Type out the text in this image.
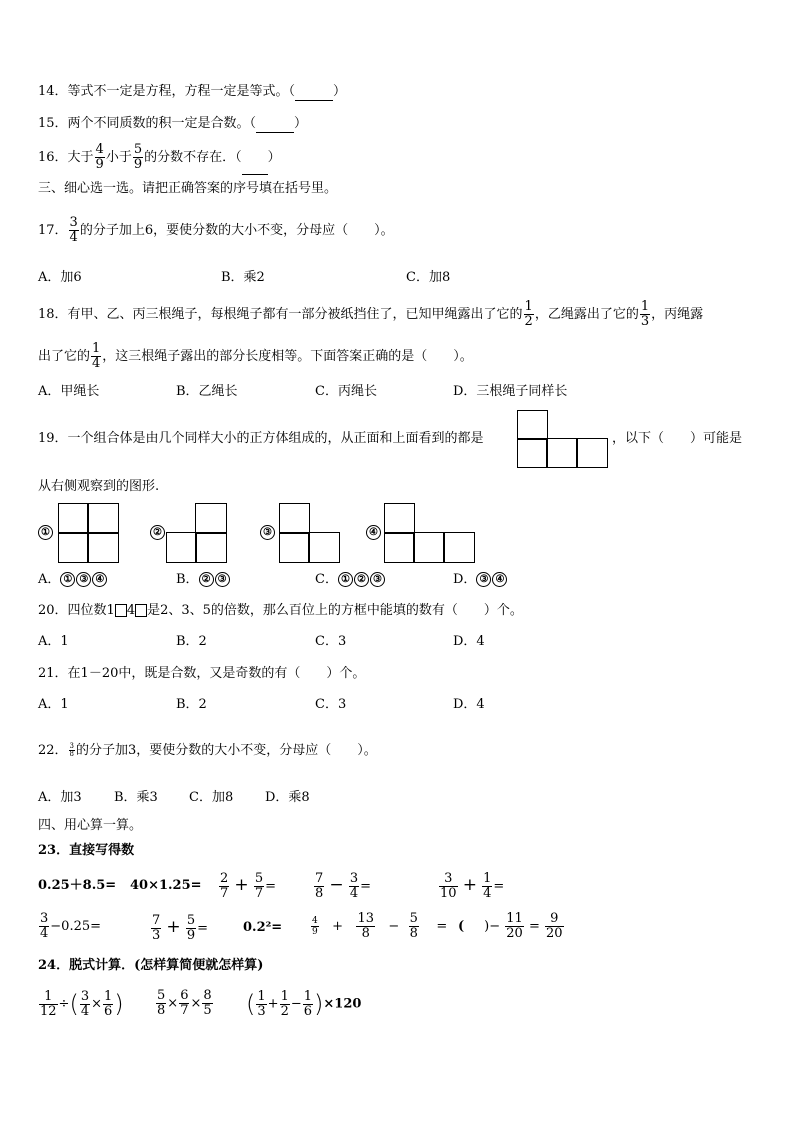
14．等式不一定是方程，方程一定是等式。（	）
15．两个不同质数的积一定是合数。（	）
16．大于 $\frac{4}{9}$ 小于 $\frac{5}{9}$ 的分数不存在．（ ）
三、细心选一选。请把正确答案的序号填在括号里。
17． $\frac{3}{4}$ 的分子加上6，要使分数的大小不变，分母应（　　）。
A．加6	B．乘2	C．加8
18．有甲、乙、丙三根绳子，每根绳子都有一部分被纸挡住了，已知甲绳露出了它的 $\frac{1}{2}$ ，乙绳露出了它的 $\frac{1}{3}$ ，丙绳露
出了它的 $\frac{1}{4}$ ，这三根绳子露出的部分长度相等。下面答案正确的是（　　）。
A．甲绳长	B．乙绳长	C．丙绳长	D．三根绳子同样长
19．一个组合体是由几个同样大小的正方体组成的，从正面和上面看到的都是	，以下（　　）可能是
从右侧观察到的图形.
①	②	③	④
A． ① ③ ④	B． ② ③	C． ① ② ③	D． ③ ④
20．四位数1 4 是2、3、5的倍数，那么百位上的方框中能填的数有（　　）个。
A．1	B．2	C．3	D．4
21．在1－20中，既是合数，又是奇数的有（　　）个。
A．1	B．2	C．3	D．4
22． $\frac{3}{8}$ 的分子加3，要使分数的大小不变，分母应（　　）。
A．加3 B．乘3 C．加8 D．乘8
四、用心算一算。
23．直接写得数
$0.25+8.5= 40\times 1.25= \frac{2}{7} + \frac{5}{7}$ =	$\frac{7}{8} - \frac{3}{4}$ =	$\frac{3}{10} + \frac{1}{4}$ =
$\frac{3}{4} -0.25=$	$\frac{7}{3} + \frac{5}{9}$ =	0.2²=	$\frac{4}{9} + \frac{13}{8} - \frac{5}{8}$ = ( )− $\frac{11}{20} = \frac{9}{20}$
24．脱式计算．(怎样算简便就怎样算)
$\frac{1}{12}$ ÷( $\frac{3}{4} \times \frac{1}{6}$ ) $\frac{5}{8} \times \frac{6}{7} \times \frac{8}{5}$ ( $\frac{1}{3} + \frac{1}{2} - \frac{1}{6} )\times 120$
